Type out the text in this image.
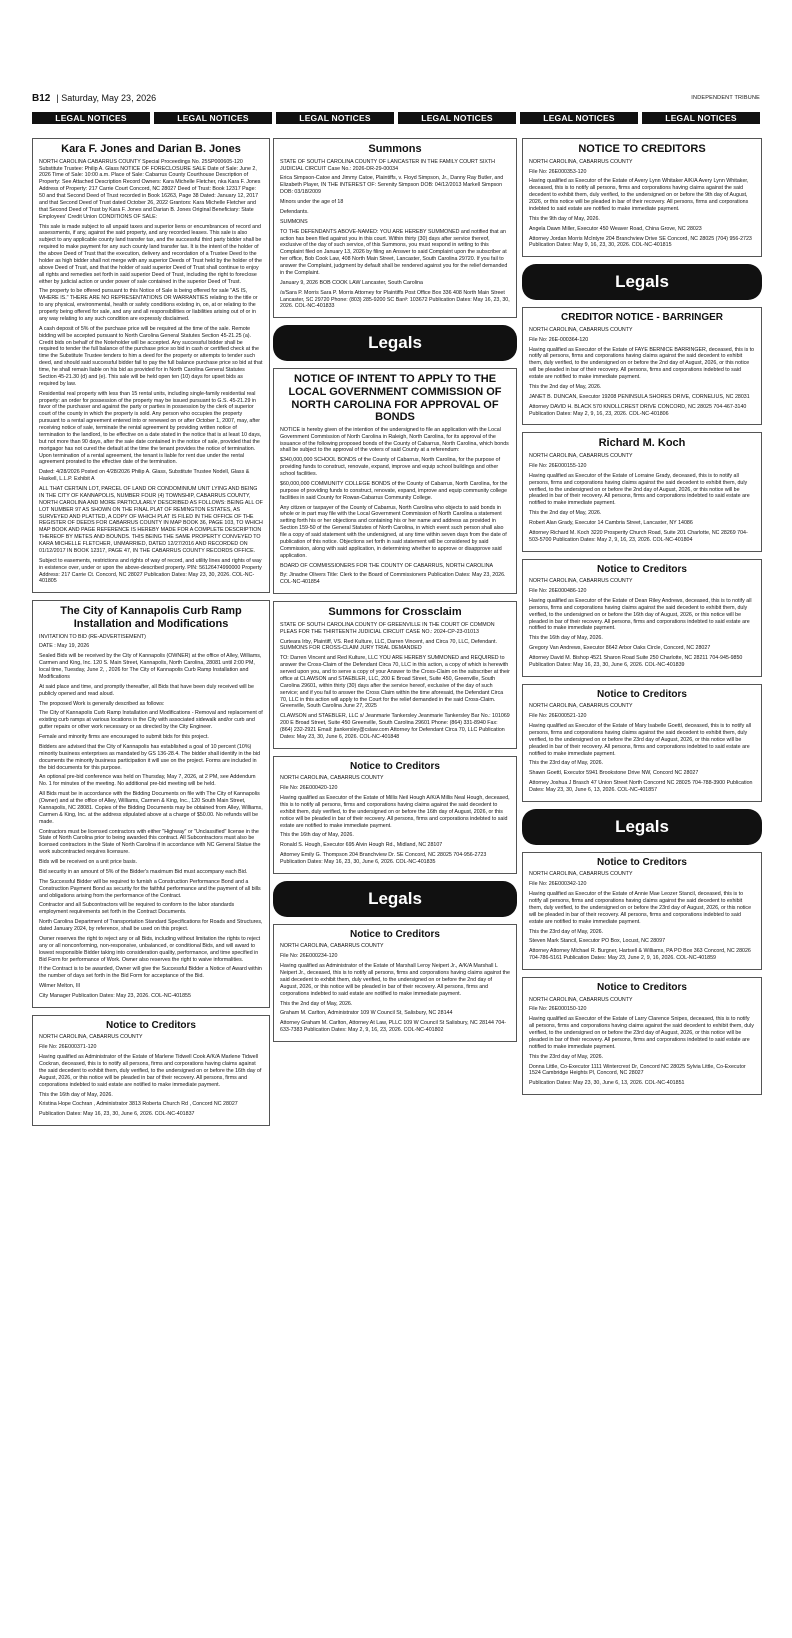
B12 | Saturday, May 23, 2026	INDEPENDENT TRIBUNE
LEGAL NOTICES	LEGAL NOTICES	LEGAL NOTICES	LEGAL NOTICES	LEGAL NOTICES	LEGAL NOTICES
Kara F. Jones and Darian B. Jones

NORTH CAROLINA CABARRUS COUNTY Special Proceedings No. 25SP000605-120 Substitute Trustee: Philip A. Glass NOTICE OF FORECLOSURE SALE Date of Sale: June 2, 2026 Time of Sale: 10:00 a.m. Place of Sale: Cabarrus County Courthouse Description of Property: See Attached Description Record Owners: Kara Michelle Fletcher, nka Kara F. Jones Address of Property: 217 Carrie Court Concord, NC 28027 Deed of Trust: Book 12317 Page: 50 and that Second Deed of Trust recorded in Book 16263, Page 38 Dated: January 12, 2017 and that Second Deed of Trust dated October 26, 2022 Grantors: Kara Michelle Fletcher and that Second Deed of Trust by Kara F. Jones and Darian B. Jones Original Beneficiary: State Employees' Credit Union CONDITIONS OF SALE:

This sale is made subject to all unpaid taxes and superior liens or encumbrances of record and assessments, if any, against the said property, and any recorded leases. This sale is also subject to any applicable county land transfer tax, and the successful third party bidder shall be required to make payment for any such county land transfer tax. It is the intent of the holder of the above Deed of Trust that the execution, delivery and recordation of a Trustee Deed to the holder as high bidder shall not merge with any superior Deeds of Trust held by the holder of the above Deed of Trust, and that the holder of said superior Deed of Trust shall continue to enjoy all rights and remedies set forth in said superior Deed of Trust, including the right to foreclose either by judicial action or under power of sale contained in the superior Deed of Trust.

The property to be offered pursuant to this Notice of Sale is being offered for sale "AS IS, WHERE IS." THERE ARE NO REPRESENTATIONS OR WARRANTIES relating to the title or to any physical, environmental, health or safety conditions existing in, on, at or relating to the property being offered for sale, and any and all responsibilities or liabilities arising out of or in any way relating to any such condition are expressly disclaimed.

A cash deposit of 5% of the purchase price will be required at the time of the sale. Remote bidding will be accepted pursuant to North Carolina General Statutes Section 45-21.25 (a). Credit bids on behalf of the Noteholder will be accepted. Any successful bidder shall be required to tender the full balance of the purchase price so bid in cash or certified check at the time the Substitute Trustee tenders to him a deed for the property or attempts to tender such deed, and should said successful bidder fail to pay the full balance purchase price so bid at that time, he shall remain liable on his bid as provided for in North Carolina General Statutes Section 45-21.30 (d) and (e). This sale will be held open ten (10) days for upset bids as required by law.

Residential real property with less than 15 rental units, including single-family residential real property: an order for possession of the property may be issued pursuant to G.S. 45-21.29 in favor of the purchaser and against the party or parties in possession by the clerk of superior court of the county in which the property is sold. Any person who occupies the property pursuant to a rental agreement entered into or renewed on or after October 1, 2007, may, after receiving notice of sale, terminate the rental agreement by providing written notice of termination to the landlord, to be effective on a date stated in the notice that is at least 10 days, but not more than 90 days, after the sale date contained in the notice of sale, provided that the mortgagor has not cured the default at the time the tenant provides the notice of termination. Upon termination of a rental agreement, the tenant is liable for rent due under the rental agreement prorated to the effective date of the termination.

Dated: 4/28/2026 Posted on 4/28/2026 Philip A. Glass, Substitute Trustee Nodell, Glass & Haskell, L.L.P. Exhibit A

ALL THAT CERTAIN LOT, PARCEL OF LAND OR CONDOMINIUM UNIT LYING AND BEING IN THE CITY OF KANNAPOLIS, NUMBER FOUR (4) TOWNSHIP, CABARRUS COUNTY, NORTH CAROLINA AND MORE PARTICULARLY DESCRIBED AS FOLLOWS: BEING ALL OF LOT NUMBER 97 AS SHOWN ON THE FINAL PLAT OF REMINGTON ESTATES, AS SURVEYED AND PLATTED, A COPY OF WHICH PLAT IS FILED IN THE OFFICE OF THE REGISTER OF DEEDS FOR CABARRUS COUNTY IN MAP BOOK 36, PAGE 103, TO WHICH MAP BOOK AND PAGE REFERENCE IS HEREBY MADE FOR A COMPLETE DESCRIPTION THEREOF BY METES AND BOUNDS. THIS BEING THE SAME PROPERTY CONVEYED TO KARA MICHELLE FLETCHER, UNMARRIED, DATED 12/27/2016 AND RECORDED ON 01/12/2017 IN BOOK 12317, PAGE 47, IN THE CABARRUS COUNTY RECORDS OFFICE.

Subject to easements, restrictions and rights of way of record, and utility lines and rights of way in existence over, under or upon the above-described property. PIN: 56126474990000 Property Address: 217 Carrie Ct. Concord, NC 28027 Publication Dates: May 23, 30, 2026. COL-NC-401805

The City of Kannapolis Curb Ramp Installation and Modifications

INVITATION TO BID (RE-ADVERTISEMENT)

DATE : May 19, 2026

Sealed Bids will be received by the City of Kannapolis (OWNER) at the office of Alley, Williams, Carmen and King, Inc. 120 S. Main Street, Kannapolis, North Carolina, 28081 until 2:00 PM, local time, Tuesday, June 2, , 2026 for The City of Kannapolis Curb Ramp Installation and Modifications

At said place and time, and promptly thereafter, all Bids that have been duly received will be publicly opened and read aloud.

The proposed Work is generally described as follows:

The City of Kannapolis Curb Ramp Installation and Modifications - Removal and replacement of existing curb ramps at various locations in the City with associated sidewalk and/or curb and gutter repairs or other work necessary or as directed by the City Engineer.

Female and minority firms are encouraged to submit bids for this project.

Bidders are advised that the City of Kannapolis has established a goal of 10 percent (10%) minority business enterprises as mandated by GS 136-28.4. The bidder shall identify in the bid documents the minority business participation it will use on the project. Forms are included in the bid documents for this purpose.

An optional pre-bid conference was held on Thursday, May 7, 2026, at 2 PM, see Addendum No. 1 for minutes of the meeting. No additional pre-bid meeting will be held.

All Bids must be in accordance with the Bidding Documents on file with The City of Kannapolis (Owner) and at the office of Alley, Williams, Carmen & King, Inc., 120 South Main Street, Kannapolis, NC 28081. Copies of the Bidding Documents may be obtained from Alley, Williams, Carmen & King, Inc. at the address stipulated above at a charge of $50.00. No refunds will be made.

Contractors must be licensed contractors with either "Highway" or "Unclassified" license in the State of North Carolina prior to being awarded this contract. All Subcontractors must also be licensed contractors in the State of North Carolina if in accordance with NC General Statue the work subcontracted requires licensure.

Bids will be received on a unit price basis.

Bid security in an amount of 5% of the Bidder's maximum Bid must accompany each Bid.

The Successful Bidder will be required to furnish a Construction Performance Bond and a Construction Payment Bond as security for the faithful performance and the payment of all bills and obligations arising from the performance of the Contract.

Contractor and all Subcontractors will be required to conform to the labor standards employment requirements set forth in the Contract Documents.

North Carolina Department of Transportation Standard Specifications for Roads and Structures, dated January 2024, by reference, shall be used on this project.

Owner reserves the right to reject any or all Bids, including without limitation the rights to reject any or all nonconforming, non-responsive, unbalanced, or conditional Bids, and will award to lowest responsible Bidder taking into consideration quality, performance, and time specified in Bid Form for performance of Work. Owner also reserves the right to waive informalities.

If the Contract is to be awarded, Owner will give the Successful Bidder a Notice of Award within the number of days set forth in the Bid Form for acceptance of the Bid.

Wilmer Melton, III

City Manager Publication Dates: May 23, 2026. COL-NC-401855

Notice to Creditors

NORTH CAROLINA, CABARRUS COUNTY

File No: 26E000371-120

Having qualified as Administrator of the Estate of Marlene Tidwell Cook A/K/A Marlene Tidwell Cockran, deceased, this is to notify all persons, firms and corporations having claims against the said decedent to exhibit them, duly verified, to the undersigned on or before the 16th day of August, 2026, or this notice will be pleaded in bar of their recovery. All persons, firms and corporations indebted to said estate are notified to make immediate payment.

This the 16th day of May, 2026.

Kristina Hope Cochran , Administrator 3813 Roberta Church Rd , Concord NC 28027

Publication Dates: May 16, 23, 30, June 6, 2026. COL-NC-401837

Summons

STATE OF SOUTH CAROLINA COUNTY OF LANCASTER IN THE FAMILY COURT SIXTH JUDICIAL CIRCUIT Case No.: 2026-DR-29-00034

Erica Simpson-Catoe and Jimmy Catoe, Plaintiffs, v. Floyd Simpson, Jr., Danny Ray Butler, and Elizabeth Player, IN THE INTEREST OF: Serenity Simpson DOB: 04/12/2013 Markell Simpson DOB: 03/18/2009

Minors under the age of 18

Defendants.

SUMMONS

TO THE DEFENDANTS ABOVE-NAMED: YOU ARE HEREBY SUMMONED and notified that an action has been filed against you in this court. Within thirty (30) days after service thereof, exclusive of the day of such service, of this Summons, you must respond in writing to this Complaint filed on January 13, 2026 by filing an Answer to said Complaint upon the subscriber at her office, Bob Cook Law, 408 North Main Street, Lancaster, South Carolina 29720. If you fail to answer the Complaint, judgment by default shall be rendered against you for the relief demanded in the Complaint.

January 9, 2026 BOB COOK LAW Lancaster, South Carolina

/s/Sara P. Morris Sara P. Morris Attorney for Plaintiffs Post Office Box 336 408 North Main Street Lancaster, SC 29720 Phone: (803) 285-9200 SC Bar#: 103672 Publication Dates: May 16, 23, 30, 2026. COL-NC-401833

Legals
NOTICE OF INTENT TO APPLY TO THE LOCAL GOVERNMENT COMMISSION OF NORTH CAROLINA FOR APPROVAL OF BONDS

NOTICE is hereby given of the intention of the undersigned to file an application with the Local Government Commission of North Carolina in Raleigh, North Carolina, for its approval of the issuance of the following proposed bonds of the County of Cabarrus, North Carolina, which bonds shall be subject to the approval of the voters of said County at a referendum:

$340,000,000 SCHOOL BONDS of the County of Cabarrus, North Carolina, for the purpose of providing funds to construct, renovate, expand, improve and equip school buildings and other school facilities.

$60,000,000 COMMUNITY COLLEGE BONDS of the County of Cabarrus, North Carolina, for the purpose of providing funds to construct, renovate, expand, improve and equip community college facilities in said County for Rowan-Cabarrus Community College.

Any citizen or taxpayer of the County of Cabarrus, North Carolina who objects to said bonds in whole or in part may file with the Local Government Commission of North Carolina a statement setting forth his or her objections and containing his or her name and address as provided in Section 159-50 of the General Statutes of North Carolina, in which event such person shall also file a copy of said statement with the undersigned, at any time within seven days from the date of publication of this notice. Objections set forth in said statement will be considered by said Commission, along with said application, in determining whether to approve or disapprove said application.

BOARD OF COMMISSIONERS FOR THE COUNTY OF CABARRUS, NORTH CAROLINA

By: Jinadne Olivers Title: Clerk to the Board of Commissioners Publication Dates: May 23, 2026. COL-NC-401854

Summons for Crossclaim

STATE OF SOUTH CAROLINA COUNTY OF GREENVILLE IN THE COURT OF COMMON PLEAS FOR THE THIRTEENTH JUDICIAL CIRCUIT CASE NO.: 2024-CP-23-01013

Curteara Irby, Plaintiff, VS. Red Kulture, LLC, Darren Vincent, and Circa 70, LLC, Defendant. SUMMONS FOR CROSS-CLAIM JURY TRIAL DEMANDED

TO: Darren Vincent and Red Kulture, LLC YOU ARE HEREBY SUMMONED and REQUIRED to answer the Cross-Claim of the Defendant Circa 70, LLC in this action, a copy of which is herewith served upon you, and to serve a copy of your Answer to the Cross-Claim on the subscriber at their office at CLAWSON and STAEBLER, LLC, 200 E Broad Street, Suite 450, Greenville, South Carolina 29601, within thirty (30) days after the service hereof, exclusive of the day of such service; and if you fail to answer the Cross Claim within the time aforesaid, the Defendant Circa 70, LLC in this action will apply to the Court for the relief demanded in the said Cross-Claim. Greenville, South Carolina June 27, 2025

CLAWSON and STAEBLER, LLC s/ Jeanmarie Tankersley Jeanmarie Tankersley Bar No.: 101069 200 E Broad Street, Suite 450 Greenville, South Carolina 29601 Phone: (864) 331-8940 Fax: (864) 232-2921 Email: jtankersley@cslaw.com Attorney for Defendant Circa 70, LLC Publication Dates: May 23, 30, June 6, 2026. COL-NC-401848

Notice to Creditors

NORTH CAROLINA, CABARRUS COUNTY

File No: 26E000420-120

Having qualified as Executor of the Estate of Millis Neil Hough A/K/A Millis Neal Hough, deceased, this is to notify all persons, firms and corporations having claims against the said decedent to exhibit them, duly verified, to the undersigned on or before the 16th day of August, 2026, or this notice will be pleaded in bar of their recovery. All persons, firms and corporations indebted to said estate are notified to make immediate payment.

This the 16th day of May, 2026.

Ronald S. Hough, Executor 695 Alvin Hough Rd., Midland, NC 28107

Attorney Emily G. Thompson 204 Branchview Dr. SE Concord, NC 28025 704-956-2723 Publication Dates: May 16, 23, 30, June 6, 2026. COL-NC-401835

Legals
Notice to Creditors

NORTH CAROLINA, CABARRUS COUNTY

File No: 26E000234-120

Having qualified as Administrator of the Estate of Marshall Leroy Neipert Jr., A/K/A Marshall L Neipert Jr., deceased, this is to notify all persons, firms and corporations having claims against the said decedent to exhibit them, duly verified, to the undersigned on or before the 2nd day of August, 2026, or this notice will be pleaded in bar of their recovery. All persons, firms and corporations indebted to said estate are notified to make immediate payment.

This the 2nd day of May, 2026.

Graham M. Carlton, Administrator 109 W Council St, Salisbury, NC 28144

Attorney Graham M. Carlton, Attorney At Law, PLLC 109 W Council St Salisbury, NC 28144 704-633-7383 Publication Dates: May 2, 9, 16, 23, 2026. COL-NC-401802

NOTICE TO CREDITORS

NORTH CAROLINA, CABARRUS COUNTY

File No: 26E000353-120

Having qualified as Executor of the Estate of Avery Lynn Whitaker A/K/A Avery Lynn Whitaker, deceased, this is to notify all persons, firms and corporations having claims against the said decedent to exhibit them, duly verified, to the undersigned on or before the 9th day of August, 2026, or this notice will be pleaded in bar of their recovery. All persons, firms and corporations indebted to said estate are notified to make immediate payment.

This the 9th day of May, 2026.

Angela Dawn Miller, Executor 450 Weaver Road, China Grove, NC 28023

Attorney Jordan Morris McIntyre 204 Branchview Drive SE Concord, NC 28025 (704) 956-2723 Publication Dates: May 9, 16, 23, 30, 2026. COL-NC-401815

Legals
CREDITOR NOTICE - BARRINGER

NORTH CAROLINA, CABARRUS COUNTY

File No: 26E-000364-120

Having qualified as Executor of the Estate of FAYE BERNICE BARRINGER, deceased, this is to notify all persons, firms and corporations having claims against the said decedent to exhibit them, duly verified, to the undersigned on or before the 2nd day of August, 2026, or this notice will be pleaded in bar of their recovery. All persons, firms and corporations indebted to said estate are notified to make immediate payment.

This the 2nd day of May, 2026.

JANET B. DUNCAN, Executor 19208 PENINSULA SHORES DRIVE, CORNELIUS, NC 28031

Attorney DAVID H. BLACK 570 KNOLLCREST DRIVE CONCORD, NC 28025 704-467-3140 Publication Dates: May 2, 9, 16, 23, 2026. COL-NC-401806

Richard M. Koch

NORTH CAROLINA, CABARRUS COUNTY

File No: 26E000155-120

Having qualified as Executor of the Estate of Lorraine Grady, deceased, this is to notify all persons, firms and corporations having claims against the said decedent to exhibit them, duly verified, to the undersigned on or before the 2nd day of August, 2026, or this notice will be pleaded in bar of their recovery. All persons, firms and corporations indebted to said estate are notified to make immediate payment.

This the 2nd day of May, 2026.

Robert Alan Grady, Executor 14 Cambria Street, Lancaster, NY 14086

Attorney Richard M. Koch 3220 Prosperity Church Road, Suite 201 Charlotte, NC 28269 704-503-5700 Publication Dates: May 2, 9, 16, 23, 2026. COL-NC-401804

Notice to Creditors

NORTH CAROLINA, CABARRUS COUNTY

File No: 26E000486-120

Having qualified as Executor of the Estate of Dean Riley Andrews, deceased, this is to notify all persons, firms and corporations having claims against the said decedent to exhibit them, duly verified, to the undersigned on or before the 16th day of August, 2026, or this notice will be pleaded in bar of their recovery. All persons, firms and corporations indebted to said estate are notified to make immediate payment.

This the 16th day of May, 2026.

Gregory Van Andrews, Executor 8642 Arbor Oaks Circle, Concord, NC 28027

Attorney David M. Bishop 4521 Sharon Road Suite 250 Charlotte, NC 28211 704-945-9850 Publication Dates: May 16, 23, 30, June 6, 2026. COL-NC-401839

Notice to Creditors

NORTH CAROLINA, CABARRUS COUNTY

File No: 26E000521-120

Having qualified as Executor of the Estate of Mary Isabelle Goettl, deceased, this is to notify all persons, firms and corporations having claims against the said decedent to exhibit them, duly verified, to the undersigned on or before the 23rd day of August, 2026, or this notice will be pleaded in bar of their recovery. All persons, firms and corporations indebted to said estate are notified to make immediate payment.

This the 23rd day of May, 2026.

Shawn Goettl, Executor 5941 Brookstone Drive NW, Concord NC 28027

Attorney Joshua J Brasch 47 Union Street North Concorrd NC 28025 704-788-3900 Publication Dates: May 23, 30, June 6, 13, 2026. COL-NC-401857

Legals
Notice to Creditors

NORTH CAROLINA, CABARRUS COUNTY

File No: 26E000342-120

Having qualified as Executor of the Estate of Annie Mae Leozer Stancil, deceased, this is to notify all persons, firms and corporations having claims against the said decedent to exhibit them, duly verified, to the undersigned on or before the 23rd day of August, 2026, or this notice will be pleaded in bar of their recovery. All persons, firms and corporations indebted to said estate are notified to make immediate payment.

This the 23rd day of May, 2026.

Steven Mark Stancil, Executor PO Box, Locust, NC 28097

Attorney Attorney Michael R. Burgner, Hartsell & Williams, PA PO Box 363 Concord, NC 28026 704-786-5161 Publication Dates: May 23, June 2, 9, 16, 2026. COL-NC-401859

Notice to Creditors

NORTH CAROLINA, CABARRUS COUNTY

File No: 26E000150-120

Having qualified as Executor of the Estate of Larry Clarence Snipes, deceased, this is to notify all persons, firms and corporations having claims against the said decedent to exhibit them, duly verified, to the undersigned on or before the 23rd day of August, 2026, or this notice will be pleaded in bar of their recovery. All persons, firms and corporations indebted to said estate are notified to make immediate payment.

This the 23rd day of May, 2026.

Donna Little, Co-Executor 1111 Wintercrest Dr, Concord NC 28025 Sylvia Little, Co-Executor 1524 Cambridge Heights Pl, Concord, NC 28027

Publication Dates: May 23, 30, June 6, 13, 2026. COL-NC-401851
